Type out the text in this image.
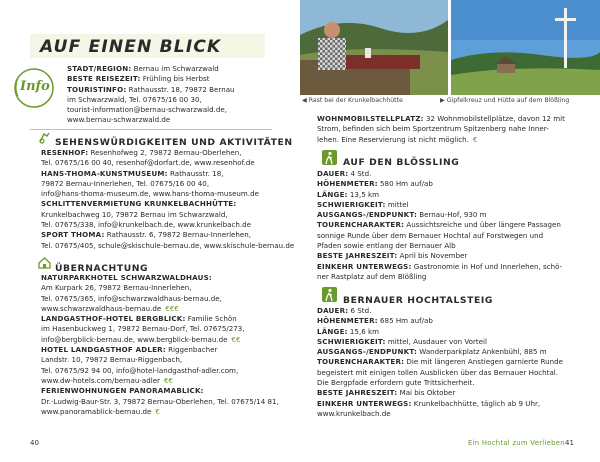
AUF EINEN BLICK
Info
STADT/REGION: Bernau im Schwarzwald
BESTE REISEZEIT: Frühling bis Herbst
TOURISTINFO: Rathausstr. 18, 79872 Bernau
im Schwarzwald, Tel. 07675/16 00 30,
tourist-information@bernau-schwarzwald.de,
www.bernau-schwarzwald.de
SEHENSWÜRDIGKEITEN UND AKTIVITÄTEN
RESENHOF: Resenhofweg 2, 79872 Bernau-Oberlehen,
Tel. 07675/16 00 40, resenhof@dorfart.de, www.resenhof.de
HANS-THOMA-KUNSTMUSEUM: Rathausstr. 18,
79872 Bernau-Innerlehen, Tel. 07675/16 00 40,
info@hans-thoma-museum.de, www.hans-thoma-museum.de
SCHLITTENVERMIETUNG KRUNKELBACHHÜTTE:
Krunkelbachweg 10, 79872 Bernau im Schwarzwald,
Tel. 07675/338, info@krunkelbach.de, www.krunkelbach.de
SPORT THOMA: Rathausstr. 6, 79872 Bernau-Innerlehen,
Tel. 07675/405, schule@skischule-bernau.de, www.skischule-bernau.de
ÜBERNACHTUNG
NATURPARKHOTEL SCHWARZWALDHAUS:
Am Kurpark 26, 79872 Bernau-Innerlehen,
Tel. 07675/365, info@schwarzwaldhaus-bernau.de,
www.schwarzwaldhaus-bernau.de €€€
LANDGASTHOF-HOTEL BERGBLICK: Familie Schön
im Hasenbuckweg 1, 79872 Bernau-Dorf, Tel. 07675/273,
info@bergblick-bernau.de, www.bergblick-bernau.de €€
HOTEL LANDGASTHOF ADLER: Riggenbacher
Landstr. 10, 79872 Bernau-Riggenbach,
Tel. 07675/92 94 00, info@hotel-landgasthof-adler.com,
www.dw-hotels.com/bernau-adler €€
FERIENWOHNUNGEN PANORAMABLICK:
Dr.-Ludwig-Baur-Str. 3, 79872 Bernau-Oberlehen, Tel. 07675/14 81,
www.panoramablick-bernau.de €
40
◀ Rast bei der Krunkelbachhütte	▶ Gipfelkreuz und Hütte auf dem Blößling
WOHNMOBILSTELLPLATZ: 32 Wohnmobilstellplätze, davon 12 mit
Strom, befinden sich beim Sportzentrum Spitzenberg nahe Inner-
lehen. Eine Reservierung ist nicht möglich. €
AUF DEN BLÖSSLING
DAUER: 4 Std.
HÖHENMETER: 580 Hm auf/ab
LÄNGE: 13,5 km
SCHWIERIGKEIT: mittel
AUSGANGS-/ENDPUNKT: Bernau-Hof, 930 m
TOURENCHARAKTER: Aussichtsreiche und über längere Passagen
sonnige Runde über dem Bernauer Hochtal auf Forstwegen und
Pfaden sowie entlang der Bernauer Alb
BESTE JAHRESZEIT: April bis November
EINKEHR UNTERWEGS: Gastronomie in Hof und Innerlehen, schö-
ner Rastplatz auf dem Blößling
BERNAUER HOCHTALSTEIG
DAUER: 6 Std.
HÖHENMETER: 685 Hm auf/ab
LÄNGE: 15,6 km
SCHWIERIGKEIT: mittel, Ausdauer von Vorteil
AUSGANGS-/ENDPUNKT: Wanderparkplatz Ankenbühl, 885 m
TOURENCHARAKTER: Die mit längeren Anstiegen garnierte Runde
begeistert mit einigen tollen Ausblicken über das Bernauer Hochtal.
Die Bergpfade erfordern gute Trittsicherheit.
BESTE JAHRESZEIT: Mai bis Oktober
EINKEHR UNTERWEGS: Krunkelbachhütte, täglich ab 9 Uhr,
www.krunkelbach.de
Ein Hochtal zum Verlieben 41
